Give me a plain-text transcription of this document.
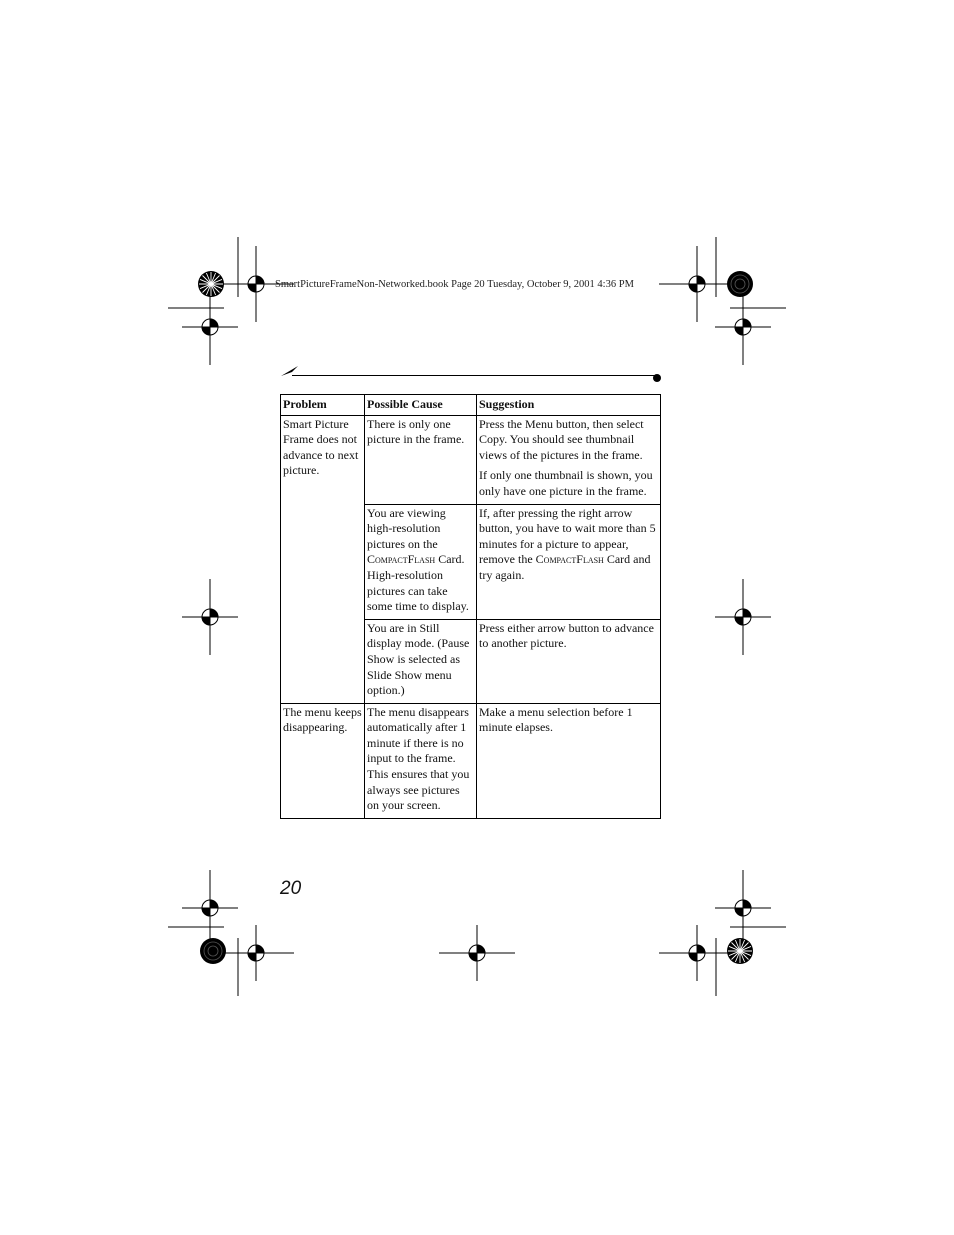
SmartPictureFrameNon-Networked.book Page 20 Tuesday, October 9, 2001 4:36 PM
Problem	Possible Cause	Suggestion
Smart Picture Frame does not advance to next picture.	There is only one picture in the frame.	Press the Menu button, then select Copy. You should see thumbnail views of the pictures in the frame.
If only one thumbnail is shown, you only have one picture in the frame.

	You are viewing high-resolution pictures on the CompactFlash Card. High-resolution pictures can take some time to display.	If, after pressing the right arrow button, you have to wait more than 5 minutes for a picture to appear, remove the CompactFlash Card and try again.
	You are in Still display mode. (Pause Show is selected as Slide Show menu option.)	Press either arrow button to advance to another picture.
The menu keeps disappearing.	The menu disappears automatically after 1 minute if there is no input to the frame. This ensures that you always see pictures on your screen.	Make a menu selection before 1 minute elapses.
20
